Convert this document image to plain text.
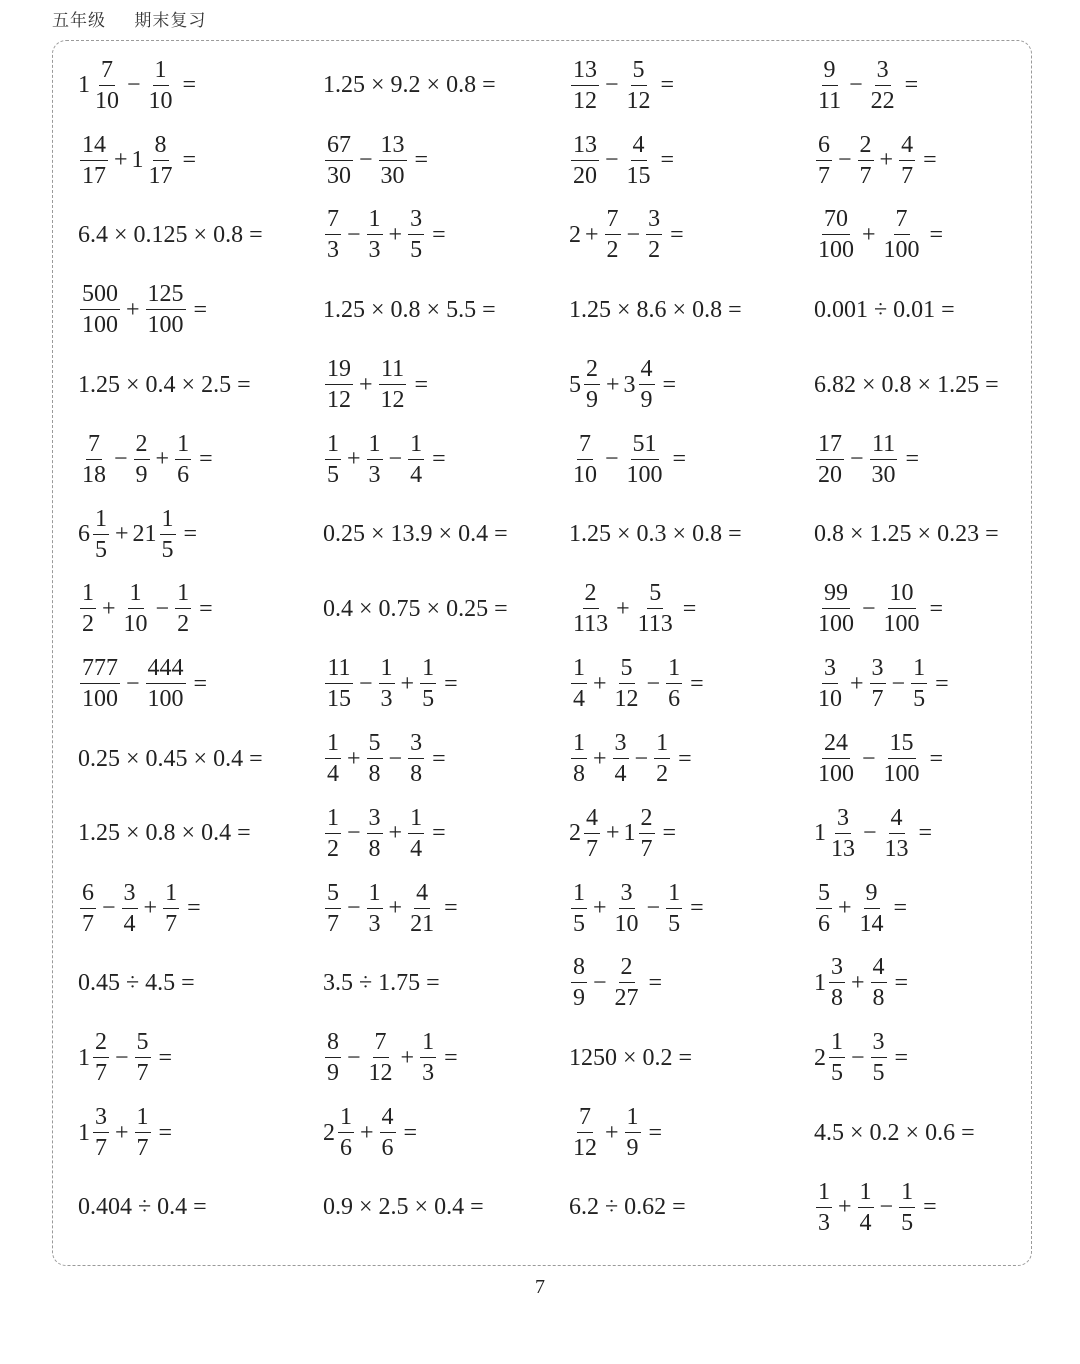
五年级 期末复习
$1 \frac{7}{10} - \frac{1}{10}$ =	1.25 × 9.2 × 0.8 =	$\frac{13}{12} - \frac{5}{12}$ =	$\frac{9}{11} - \frac{3}{22}$ =
$\frac{14}{17} + 1 \frac{8}{17}$ =	$\frac{67}{30} - \frac{13}{30}$ =	$\frac{13}{20} - \frac{4}{15}$ =	$\frac{6}{7} - \frac{2}{7} + \frac{4}{7}$ =
6.4 × 0.125 × 0.8 =	$\frac{7}{3} - \frac{1}{3} + \frac{3}{5}$ =	$2 + \frac{7}{2} - \frac{3}{2}$ =	$\frac{70}{100} + \frac{7}{100}$ =
$\frac{500}{100} + \frac{125}{100}$ =	1.25 × 0.8 × 5.5 =	1.25 × 8.6 × 0.8 =	0.001 ÷ 0.01 =
1.25 × 0.4 × 2.5 =	$\frac{19}{12} + \frac{11}{12}$ =	$5 \frac{2}{9} + 3 \frac{4}{9}$ =	6.82 × 0.8 × 1.25 =
$\frac{7}{18} - \frac{2}{9} + \frac{1}{6}$ =	$\frac{1}{5} + \frac{1}{3} - \frac{1}{4}$ =	$\frac{7}{10} - \frac{51}{100}$ =	$\frac{17}{20} - \frac{11}{30}$ =
$6 \frac{1}{5} + 21 \frac{1}{5}$ =	0.25 × 13.9 × 0.4 =	1.25 × 0.3 × 0.8 =	0.8 × 1.25 × 0.23 =
$\frac{1}{2} + \frac{1}{10} - \frac{1}{2}$ =	0.4 × 0.75 × 0.25 =	$\frac{2}{113} + \frac{5}{113}$ =	$\frac{99}{100} - \frac{10}{100}$ =
$\frac{777}{100} - \frac{444}{100}$ =	$\frac{11}{15} - \frac{1}{3} + \frac{1}{5}$ =	$\frac{1}{4} + \frac{5}{12} - \frac{1}{6}$ =	$\frac{3}{10} + \frac{3}{7} - \frac{1}{5}$ =
0.25 × 0.45 × 0.4 =	$\frac{1}{4} + \frac{5}{8} - \frac{3}{8}$ =	$\frac{1}{8} + \frac{3}{4} - \frac{1}{2}$ =	$\frac{24}{100} - \frac{15}{100}$ =
1.25 × 0.8 × 0.4 =	$\frac{1}{2} - \frac{3}{8} + \frac{1}{4}$ =	$2 \frac{4}{7} + 1 \frac{2}{7}$ =	$1 \frac{3}{13} - \frac{4}{13}$ =
$\frac{6}{7} - \frac{3}{4} + \frac{1}{7}$ =	$\frac{5}{7} - \frac{1}{3} + \frac{4}{21}$ =	$\frac{1}{5} + \frac{3}{10} - \frac{1}{5}$ =	$\frac{5}{6} + \frac{9}{14}$ =
0.45 ÷ 4.5 =	3.5 ÷ 1.75 =	$\frac{8}{9} - \frac{2}{27}$ =	$1 \frac{3}{8} + \frac{4}{8}$ =
$1 \frac{2}{7} - \frac{5}{7}$ =	$\frac{8}{9} - \frac{7}{12} + \frac{1}{3}$ =	1250 × 0.2 =	$2 \frac{1}{5} - \frac{3}{5}$ =
$1 \frac{3}{7} + \frac{1}{7}$ =	$2 \frac{1}{6} + \frac{4}{6}$ =	$\frac{7}{12} + \frac{1}{9}$ =	4.5 × 0.2 × 0.6 =
0.404 ÷ 0.4 =	0.9 × 2.5 × 0.4 =	6.2 ÷ 0.62 =	$\frac{1}{3} + \frac{1}{4} - \frac{1}{5}$ =
7
